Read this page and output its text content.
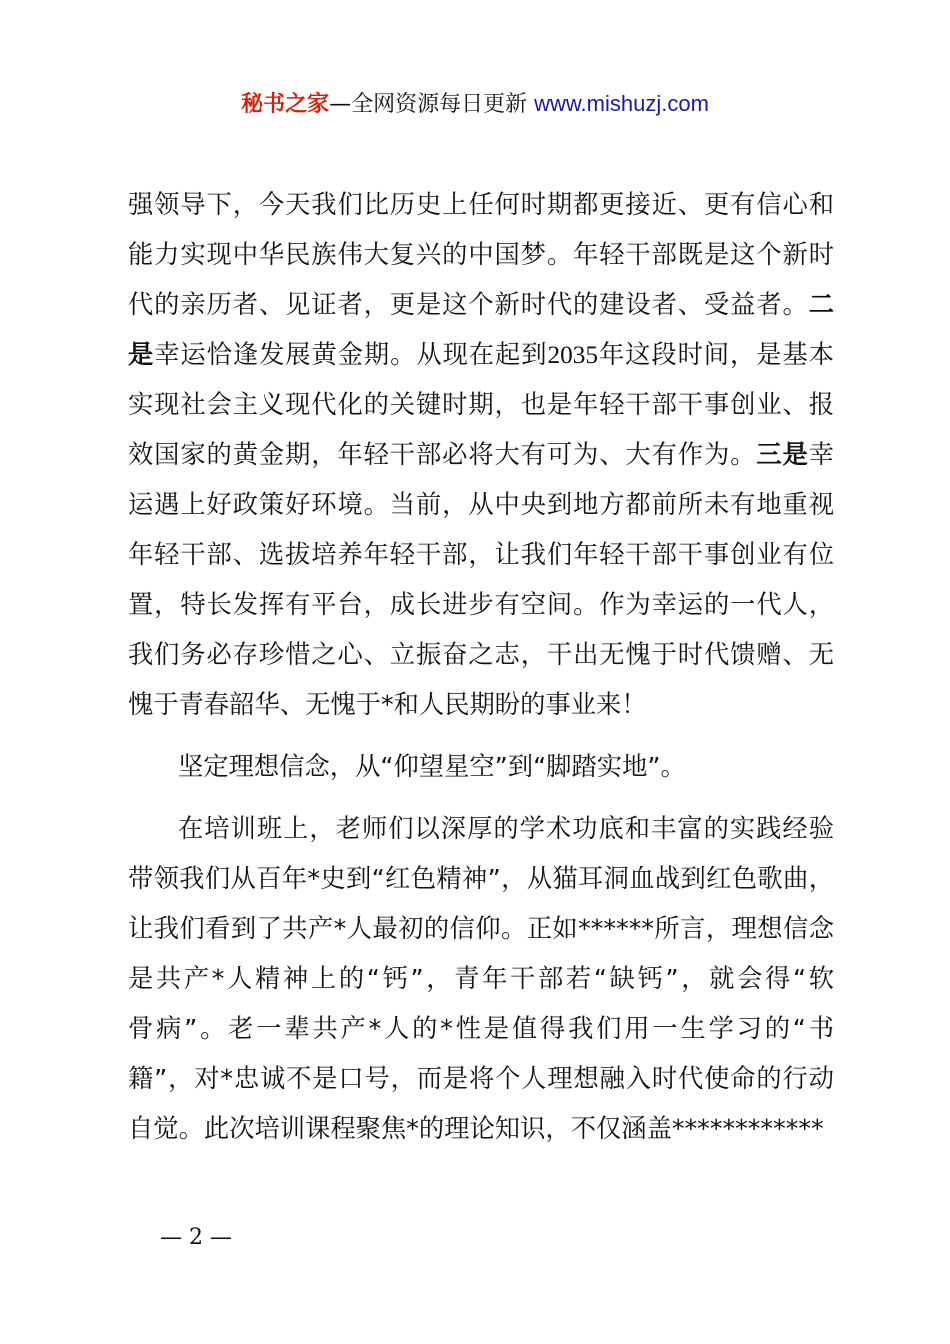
秘书之家—全网资源每日更新 www.mishuzj.com

强领导下，今天我们比历史上任何时期都更接近、更有信心和
能力实现中华民族伟大复兴的中国梦。年轻干部既是这个新时
代的亲历者、见证者，更是这个新时代的建设者、受益者。二
是幸运恰逢发展黄金期。从现在起到2035年这段时间，是基本
实现社会主义现代化的关键时期，也是年轻干部干事创业、报
效国家的黄金期，年轻干部必将大有可为、大有作为。三是幸
运遇上好政策好环境。当前，从中央到地方都前所未有地重视
年轻干部、选拔培养年轻干部，让我们年轻干部干事创业有位
置，特长发挥有平台，成长进步有空间。作为幸运的一代人，
我们务必存珍惜之心、立振奋之志，干出无愧于时代馈赠、无
愧于青春韶华、无愧于*和人民期盼的事业来！

坚定理想信念，从“仰望星空”到“脚踏实地”。

在培训班上，老师们以深厚的学术功底和丰富的实践经验
带领我们从百年*史到“红色精神”，从猫耳洞血战到红色歌曲，
让我们看到了共产*人最初的信仰。正如******所言，理想信念
是共产*人精神上的“钙”，青年干部若“缺钙”，就会得“软
骨病”。老一辈共产*人的*性是值得我们用一生学习的“书
籍”，对*忠诚不是口号，而是将个人理想融入时代使命的行动
自觉。此次培训课程聚焦*的理论知识，不仅涵盖************

— 2 —
